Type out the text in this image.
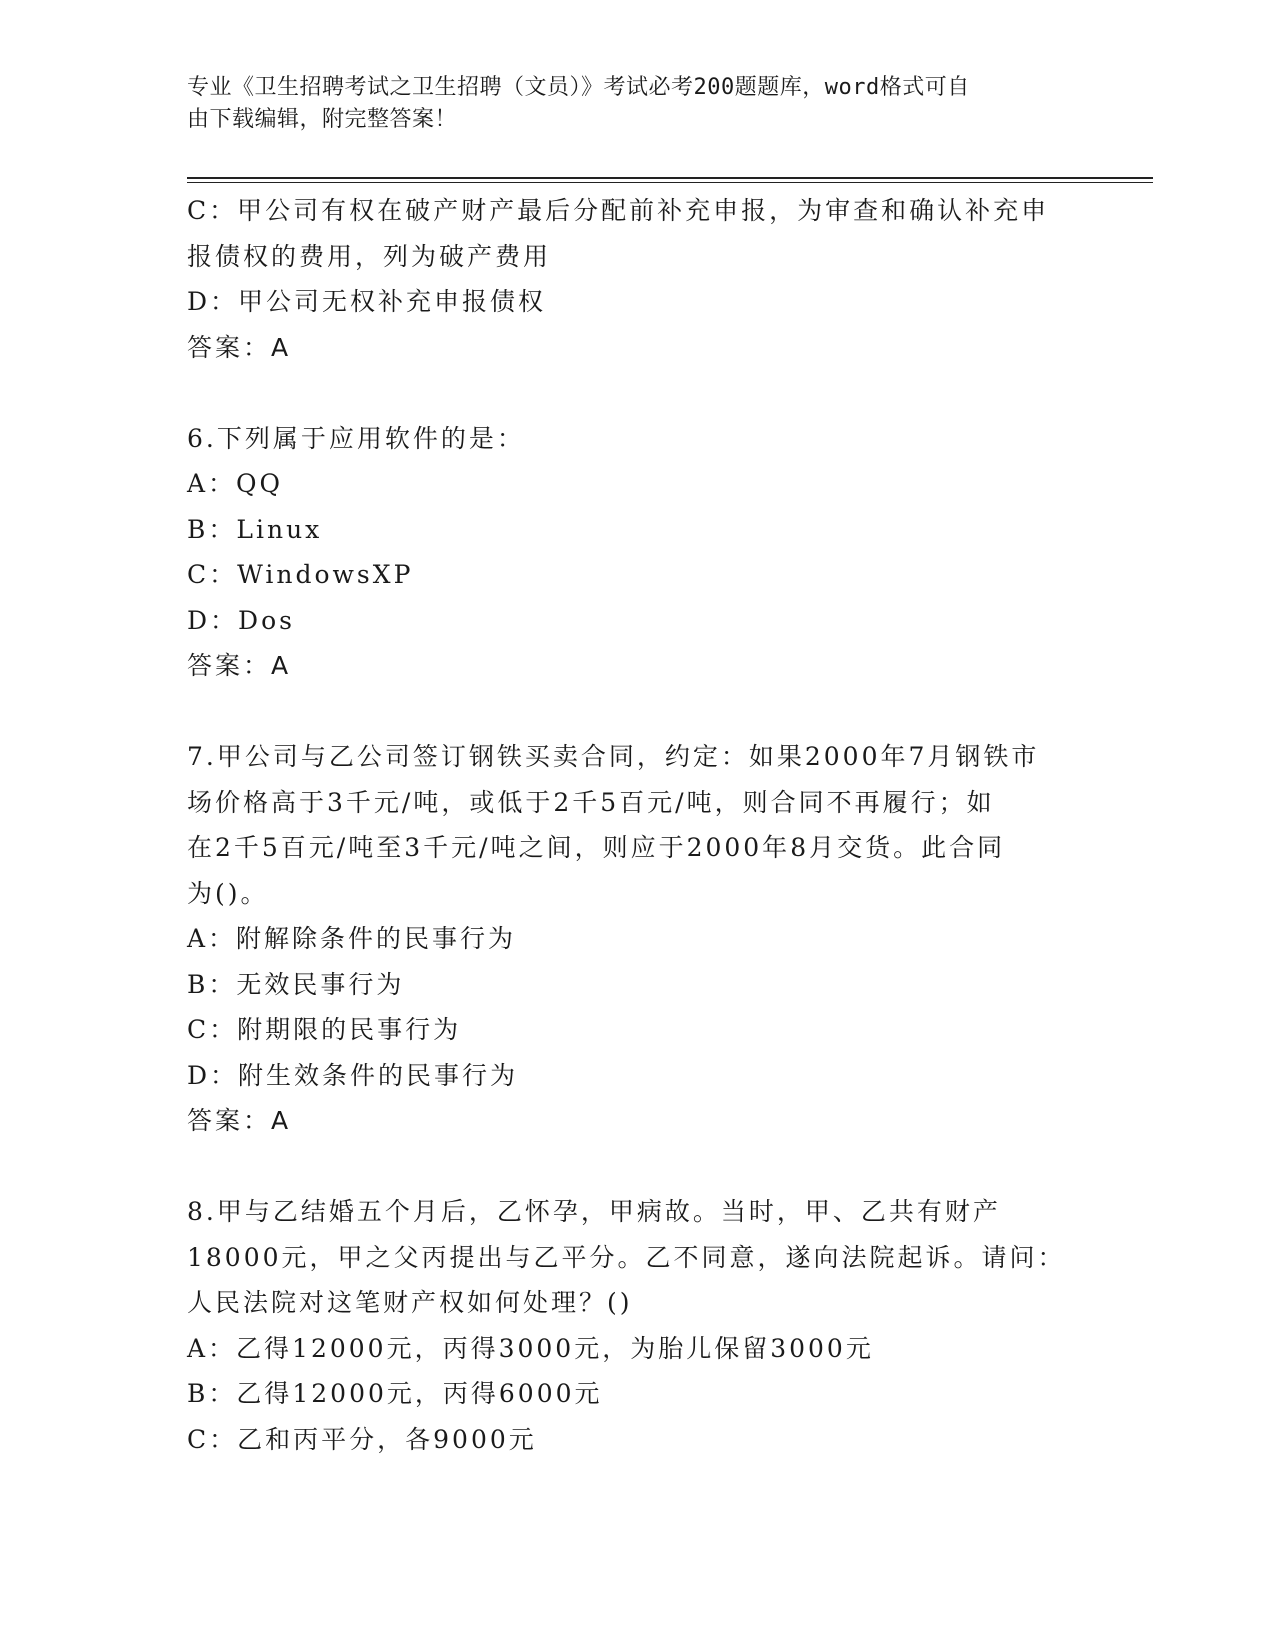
专业《卫生招聘考试之卫生招聘（文员）》考试必考200题题库，word格式可自
由下载编辑，附完整答案！
C：甲公司有权在破产财产最后分配前补充申报，为审查和确认补充申
报债权的费用，列为破产费用
D：甲公司无权补充申报债权
答案：A
6.下列属于应用软件的是：
A：QQ
B：Linux
C：WindowsXP
D：Dos
答案：A
7.甲公司与乙公司签订钢铁买卖合同，约定：如果2000年7月钢铁市
场价格高于3千元/吨，或低于2千5百元/吨，则合同不再履行；如
在2千5百元/吨至3千元/吨之间，则应于2000年8月交货。此合同
为()。
A：附解除条件的民事行为
B：无效民事行为
C：附期限的民事行为
D：附生效条件的民事行为
答案：A
8.甲与乙结婚五个月后，乙怀孕，甲病故。当时，甲、乙共有财产
18000元，甲之父丙提出与乙平分。乙不同意，遂向法院起诉。请问：
人民法院对这笔财产权如何处理？()
A：乙得12000元，丙得3000元，为胎儿保留3000元
B：乙得12000元，丙得6000元
C：乙和丙平分，各9000元
